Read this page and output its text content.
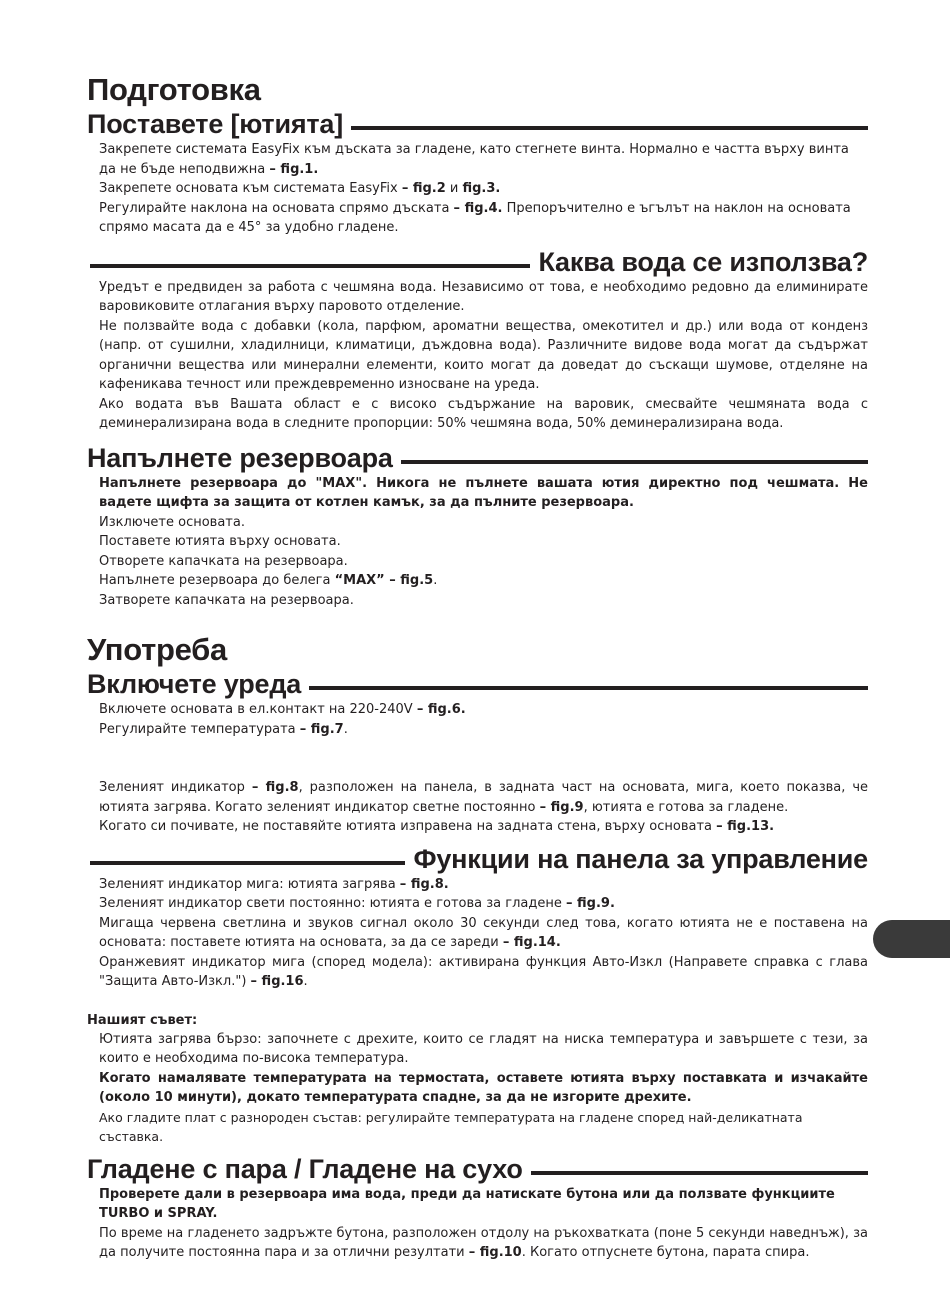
Подготовка
Поставете [ютията]

Закрепете системата EasyFix към дъската за гладене, като стегнете винта. Нормално е частта върху винта да не бъде неподвижна – fig.1.

Закрепете основата към системата EasyFix – fig.2 и fig.3.

Регулирайте наклона на основата спрямо дъската – fig.4. Препоръчително е ъгълът на наклон на основата спрямо масата да е 45° за удобно гладене.

Каква вода се използва?

Уредът е предвиден за работа с чешмяна вода. Независимо от това, е необходимо редовно да елиминирате варовиковите отлагания върху паровото отделение.

Не ползвайте вода с добавки (кола, парфюм, ароматни вещества, омекотител и др.) или вода от конденз (напр. от сушилни, хладилници, климатици, дъждовна вода). Различните видове вода могат да съдържат органични вещества или минерални елементи, които могат да доведат до съскащи шумове, отделяне на кафеникава течност или преждевременно износване на уреда.

Ако водата във Вашата област е с високо съдържание на варовик, смесвайте чешмяната вода с деминерализирана вода в следните пропорции: 50% чешмяна вода, 50% деминерализирана вода.

Напълнете резервоара

Напълнете резервоара до "MAX". Никога не пълнете вашата ютия директно под чешмата. Не вадете щифта за защита от котлен камък, за да пълните резервоара.

Изключете основата.

Поставете ютията върху основата.

Отворете капачката на резервоара.

Напълнете резервоара до белега “MAX” – fig.5.

Затворете капачката на резервоара.

Употреба
Включете уреда

Включете основата в ел.контакт на 220-240V – fig.6.

Регулирайте температурата – fig.7.

Зеленият индикатор – fig.8, разположен на панела, в задната част на основата, мига, което показва, че ютията загрява. Когато зеленият индикатор светне постоянно – fig.9, ютията е готова за гладене.

Когато си почивате, не поставяйте ютията изправена на задната стена, върху основата – fig.13.

Функции на панела за управление

Зеленият индикатор мига: ютията загрява – fig.8.

Зеленият индикатор свети постоянно: ютията е готова за гладене – fig.9.

Мигаща червена светлина и звуков сигнал около 30 секунди след това, когато ютията не е поставена на основата: поставете ютията на основата, за да се зареди – fig.14.

Оранжевият индикатор мига (според модела): активирана функция Авто-Изкл (Направете справка с глава "Защита Авто-Изкл.") – fig.16.

Нашият съвет:

Ютията загрява бързо: започнете с дрехите, които се гладят на ниска температура и завършете с тези, за които е необходима по-висока температура.

Когато намалявате температурата на термостата, оставете ютията върху поставката и изчакайте (около 10 минути), докато температурата спадне, за да не изгорите дрехите.

Ако гладите плат с разнороден състав: регулирайте температурата на гладене според най-деликатната съставка.

Гладене с пара / Гладене на сухо

Проверете дали в резервоара има вода, преди да натискате бутона или да ползвате функциите TURBO и SPRAY.

По време на гладенето задръжте бутона, разположен отдолу на ръкохватката (поне 5 секунди наведнъж), за да получите постоянна пара и за отлични резултати – fig.10. Когато отпуснете бутона, парата спира.
